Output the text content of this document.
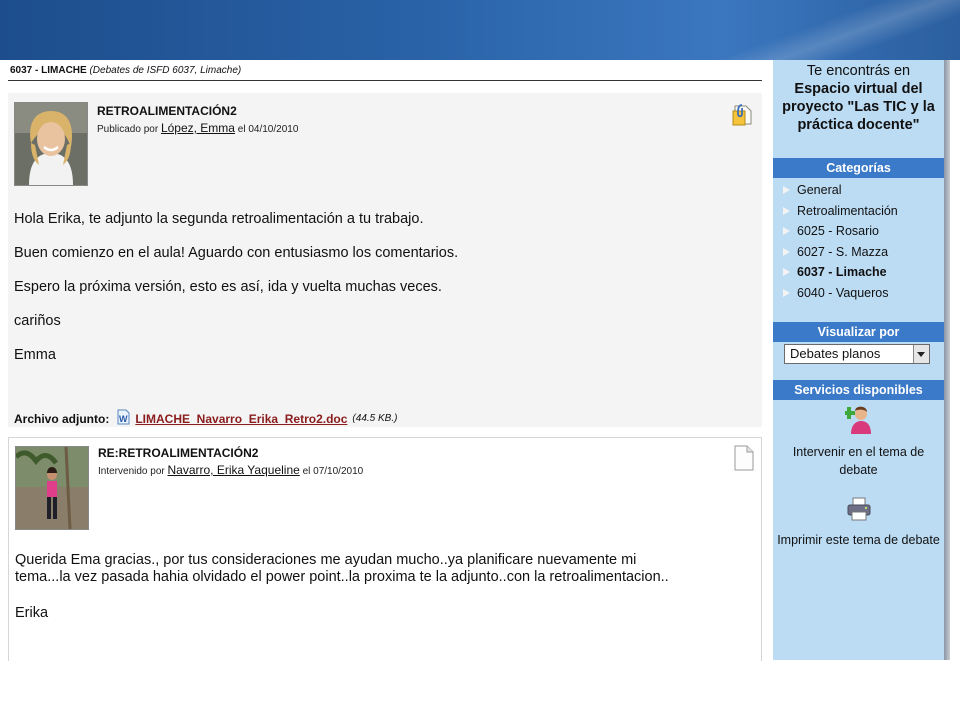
6037 - LIMACHE (Debates de ISFD 6037, Limache)
RETROALIMENTACIÓN2
Publicado por López, Emma el 04/10/2010

Hola Erika, te adjunto la segunda retroalimentación a tu trabajo.

Buen comienzo en el aula! Aguardo con entusiasmo los comentarios.

Espero la próxima versión, esto es así, ida y vuelta muchas veces.

cariños

Emma

Archivo adjunto: W LIMACHE_Navarro_Erika_Retro2.doc (44.5 KB.)
RE:RETROALIMENTACIÓN2
Intervenido por Navarro, Erika Yaqueline el 07/10/2010

Querida Ema gracias., por tus consideraciones me ayudan mucho..ya planificare nuevamente mi

tema...la vez pasada hahia olvidado el power point..la proxima te la adjunto..con la retroalimentacion..

Erika

Te encontrás en
Espacio virtual del proyecto "Las TIC y la práctica docente"
Categorías
General
Retroalimentación
6025 - Rosario
6027 - S. Mazza
6037 - Limache
6040 - Vaqueros
Visualizar por
Debates planos
Servicios disponibles
Intervenir en el tema de debate
Imprimir este tema de debate
